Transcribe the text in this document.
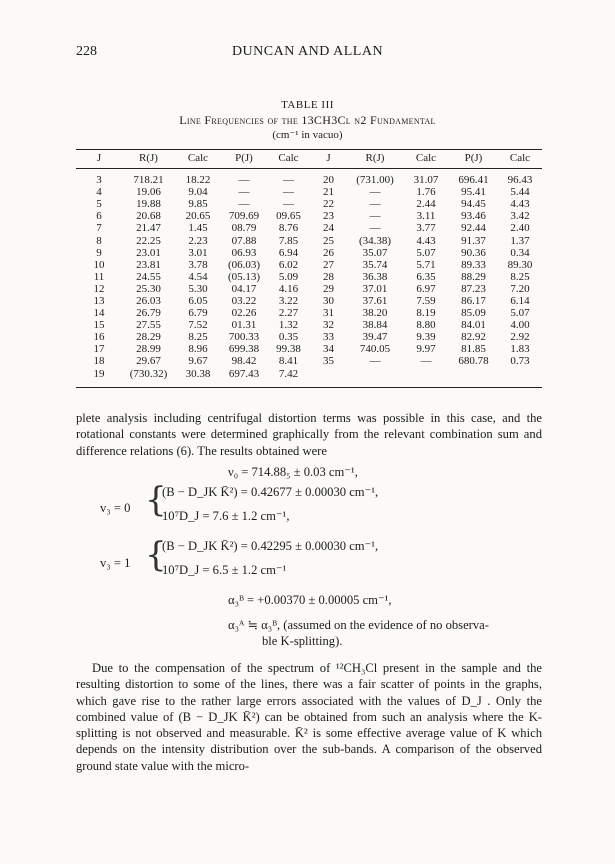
228	DUNCAN AND ALLAN
TABLE III
Line Frequencies of the 13CH3Cl ν2 Fundamental
(cm⁻¹ in vacuo)
J	R(J)	Calc	P(J)	Calc	J	R(J)	Calc	P(J)	Calc
3	718.21	18.22	—	—	20	(731.00)	31.07	696.41	96.43
4	19.06	9.04	—	—	21	—	1.76	95.41	5.44
5	19.88	9.85	—	—	22	—	2.44	94.45	4.43
6	20.68	20.65	709.69	09.65	23	—	3.11	93.46	3.42
7	21.47	1.45	08.79	8.76	24	—	3.77	92.44	2.40
8	22.25	2.23	07.88	7.85	25	(34.38)	4.43	91.37	1.37
9	23.01	3.01	06.93	6.94	26	35.07	5.07	90.36	0.34
10	23.81	3.78	(06.03)	6.02	27	35.74	5.71	89.33	89.30
11	24.55	4.54	(05.13)	5.09	28	36.38	6.35	88.29	8.25
12	25.30	5.30	04.17	4.16	29	37.01	6.97	87.23	7.20
13	26.03	6.05	03.22	3.22	30	37.61	7.59	86.17	6.14
14	26.79	6.79	02.26	2.27	31	38.20	8.19	85.09	5.07
15	27.55	7.52	01.31	1.32	32	38.84	8.80	84.01	4.00
16	28.29	8.25	700.33	0.35	33	39.47	9.39	82.92	2.92
17	28.99	8.96	699.38	99.38	34	740.05	9.97	81.85	1.83
18	29.67	9.67	98.42	8.41	35	—	—	680.78	0.73
19	(730.32)	30.38	697.43	7.42					
plete analysis including centrifugal distortion terms was possible in this case, and the rotational constants were determined graphically from the relevant combination sum and difference relations (6). The results obtained were
ν₀ = 714.88₅ ± 0.03 cm⁻¹,
v₃ = 0 {
(B − D_JK K̄²) = 0.42677 ± 0.00030 cm⁻¹,
10⁷D_J = 7.6 ± 1.2 cm⁻¹,
v₃ = 1 {
(B − D_JK K̄²) = 0.42295 ± 0.00030 cm⁻¹,
10⁷D_J = 6.5 ± 1.2 cm⁻¹
α₃ᴮ = +0.00370 ± 0.00005 cm⁻¹,
α₃ᴬ ≒ α₃ᴮ, (assumed on the evidence of no observa-
ble K-splitting).
Due to the compensation of the spectrum of ¹²CH₃Cl present in the sample and the resulting distortion to some of the lines, there was a fair scatter of points in the graphs, which gave rise to the rather large errors associated with the values of D_J . Only the combined value of (B − D_JK K̄²) can be obtained from such an analysis where the K-splitting is not observed and measurable. K̄² is some effective average value of K which depends on the intensity distribution over the sub-bands. A comparison of the observed ground state value with the micro-
